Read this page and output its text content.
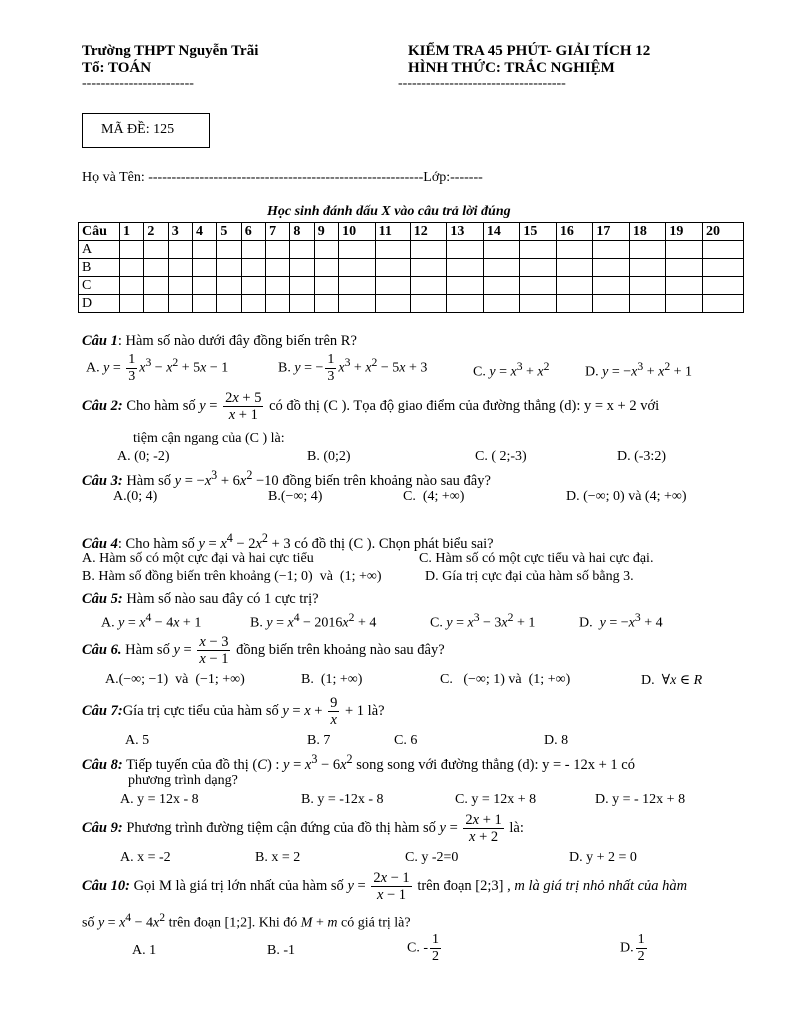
Trường THPT Nguyễn Trãi
Tổ: TOÁN
------------------------
KIỂM TRA 45 PHÚT- GIẢI TÍCH 12
HÌNH THỨC: TRẮC NGHIỆM
------------------------------------
MÃ ĐỀ: 125
Họ và Tên: -----------------------------------------------------------Lớp:-------
Học sinh đánh dấu X vào câu trả lời đúng
Câu	1	2	3	4	5	6	7	8	9	10	11	12	13	14	15	16	17	18	19	20
A																				
B																				
C																				
D																				
Câu 1: Hàm số nào dưới đây đồng biến trên R?
A. $y = \frac{1}{3} x^3 - x^2 + 5x - 1$	B. y = − $\frac{1}{3} x^3 + x^2 - 5x + 3$	C. $y = x^3 + x^2$	D. $y = -x^3 + x^2 + 1$
Câu 2: Cho hàm số $y = \frac{2x + 5}{x + 1}$ có đồ thị (C ). Tọa độ giao điểm của đường thẳng (d): y = x + 2 với
tiệm cận ngang của (C ) là:
A. (0; -2)	B. (0;2)	C. ( 2;-3)	D. (-3:2)
Câu 3: Hàm số $y = -x^3 + 6x^2 -10$ đồng biến trên khoảng nào sau đây?
A.(0; 4)	B.(−∞; 4)	C.  (4; +∞)	D. (−∞; 0) và (4; +∞)
Câu 4: Cho hàm số $y = x^4 - 2x^2 + 3$ có đồ thị (C ). Chọn phát biểu sai?
A. Hàm số có một cực đại và hai cực tiểu	C. Hàm số có một cực tiểu và hai cực đại.
B. Hàm số đồng biến trên khoảng (−1; 0)  và  (1; +∞)	D. Gía trị cực đại của hàm số bằng 3.
Câu 5: Hàm số nào sau đây có 1 cực trị?
A. $y = x^4 - 4x + 1$	B. $y = x^4 - 2016x^2 + 4$	C. $y = x^3 - 3x^2 + 1$	D. $y = -x^3 + 4$
Câu 6. Hàm số $y = \frac{x - 3}{x - 1}$ đồng biến trên khoảng nào sau đây?
A.(−∞; −1)  và  (−1; +∞)	B.  (1; +∞)	C.   (−∞; 1) và  (1; +∞)	D.  ∀x ∈ R
Câu 7:Gía trị cực tiểu của hàm số $y = x + \frac{9}{x} + 1$ là?
A. 5	B. 7	C. 6	D. 8
Câu 8: Tiếp tuyến của đồ thị (C) : $y = x^3 - 6x^2$ song song với đường thẳng (d): y = - 12x + 1 có
phương trình dạng?
A. y = 12x - 8	B. y = -12x - 8	C. y = 12x + 8	D. y = - 12x + 8
Câu 9: Phương trình đường tiệm cận đứng của đồ thị hàm số $y = \frac{2x + 1}{x + 2}$ là:
A. x = -2	B. x = 2	C. y -2=0	D. y + 2 = 0
Câu 10: Gọi M là giá trị lớn nhất của hàm số $y = \frac{2x - 1}{x - 1}$ trên đoạn [2;3] , m là giá trị nhỏ nhất của hàm
số $y = x^4 - 4x^2$ trên đoạn [1;2]. Khi đó M + m có giá trị là?
A. 1	B. -1	C. - $\frac{1}{2}$	D. $\frac{1}{2}$
